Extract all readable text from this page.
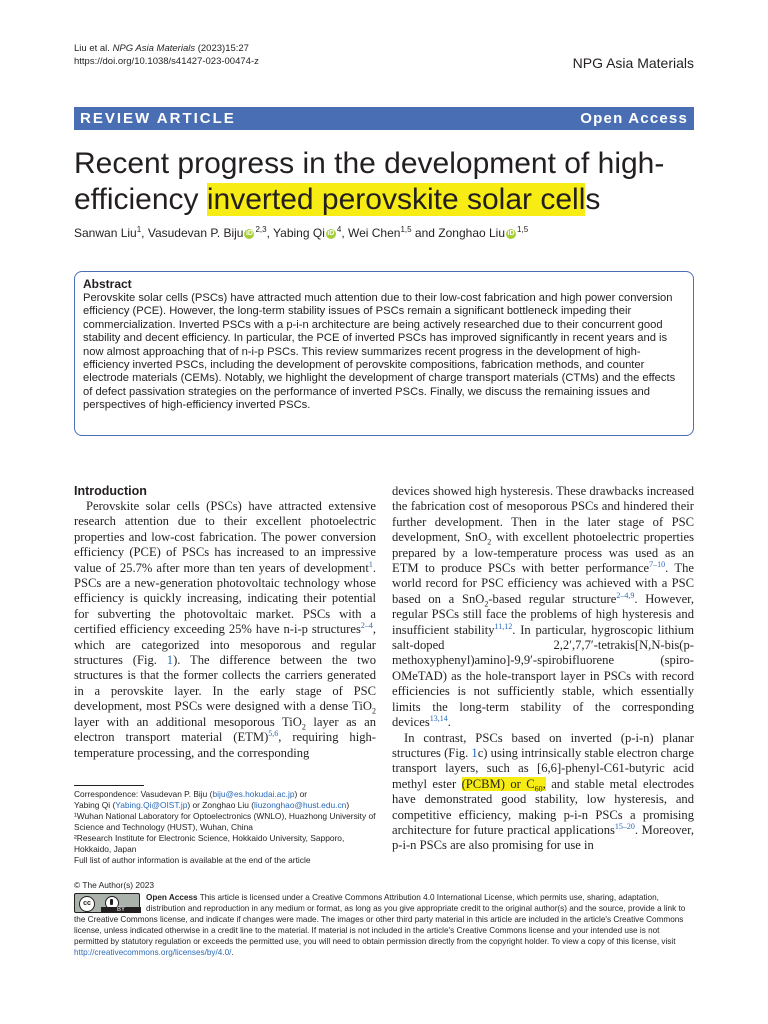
Liu et al. NPG Asia Materials (2023)15:27
https://doi.org/10.1038/s41427-023-00474-z	NPG Asia Materials
REVIEW ARTICLE	Open Access
Recent progress in the development of high-efficiency inverted perovskite solar cells
Sanwan Liu$^1$, Vasudevan P. Biju iD $^{2,3}$, Yabing Qi iD $^4$, Wei Chen$^{1,5}$ and Zonghao Liu iD $^{1,5}$
Abstract

Perovskite solar cells (PSCs) have attracted much attention due to their low-cost fabrication and high power conversion efficiency (PCE). However, the long-term stability issues of PSCs remain a significant bottleneck impeding their commercialization. Inverted PSCs with a p-i-n architecture are being actively researched due to their concurrent good stability and decent efficiency. In particular, the PCE of inverted PSCs has improved significantly in recent years and is now almost approaching that of n-i-p PSCs. This review summarizes recent progress in the development of high-efficiency inverted PSCs, including the development of perovskite compositions, fabrication methods, and counter electrode materials (CEMs). Notably, we highlight the development of charge transport materials (CTMs) and the effects of defect passivation strategies on the performance of inverted PSCs. Finally, we discuss the remaining issues and perspectives of high-efficiency inverted PSCs.

Introduction

Perovskite solar cells (PSCs) have attracted extensive research attention due to their excellent photoelectric properties and low-cost fabrication. The power conversion efficiency (PCE) of PSCs has increased to an impressive value of 25.7% after more than ten years of development$^1$. PSCs are a new-generation photovoltaic technology whose efficiency is quickly increasing, indicating their potential for subverting the photovoltaic market. PSCs with a certified efficiency exceeding 25% have n-i-p structures$^{2-4}$, which are categorized into mesoporous and regular structures (Fig. 1). The difference between the two structures is that the former collects the carriers generated in a perovskite layer. In the early stage of PSC development, most PSCs were designed with a dense TiO$_2$ layer with an additional mesoporous TiO$_2$ layer as an electron transport material (ETM)$^{5,6}$, requiring high-temperature processing, and the corresponding

devices showed high hysteresis. These drawbacks increased the fabrication cost of mesoporous PSCs and hindered their further development. Then in the later stage of PSC development, SnO$_2$ with excellent photoelectric properties prepared by a low-temperature process was used as an ETM to produce PSCs with better performance$^{7-10}$. The world record for PSC efficiency was achieved with a PSC based on a SnO$_2$-based regular structure$^{2-4,9}$. However, regular PSCs still face the problems of high hysteresis and insufficient stability$^{11,12}$. In particular, hygroscopic lithium salt-doped 2,2′,7,7′-tetrakis[N,N-bis(p-methoxyphenyl)amino]-9,9′-spirobifluorene (spiro-OMeTAD) as the hole-transport layer in PSCs with record efficiencies is not sufficiently stable, which essentially limits the long-term stability of the corresponding devices$^{13,14}$.

In contrast, PSCs based on inverted (p-i-n) planar structures (Fig. 1c) using intrinsically stable electron charge transport layers, such as [6,6]-phenyl-C61-butyric acid methyl ester (PCBM) or $C_{60}$, and stable metal electrodes have demonstrated good stability, low hysteresis, and competitive efficiency, making p-i-n PSCs a promising architecture for future practical applications$^{15-20}$. Moreover, p-i-n PSCs are also promising for use in

Correspondence: Vasudevan P. Biju (biju@es.hokudai.ac.jp) or
Yabing Qi (Yabing.Qi@OIST.jp) or Zonghao Liu (liuzonghao@hust.edu.cn)
¹Wuhan National Laboratory for Optoelectronics (WNLO), Huazhong University of Science and Technology (HUST), Wuhan, China
²Research Institute for Electronic Science, Hokkaido University, Sapporo, Hokkaido, Japan
Full list of author information is available at the end of the article
© The Author(s) 2023
cc
BY
Open Access This article is licensed under a Creative Commons Attribution 4.0 International License, which permits use, sharing, adaptation, distribution and reproduction in any medium or format, as long as you give appropriate credit to the original author(s) and the source, provide a link to the Creative Commons license, and indicate if changes were made. The images or other third party material in this article are included in the article's Creative Commons license, unless indicated otherwise in a credit line to the material. If material is not included in the article's Creative Commons license and your intended use is not permitted by statutory regulation or exceeds the permitted use, you will need to obtain permission directly from the copyright holder. To view a copy of this license, visit http://creativecommons.org/licenses/by/4.0/.
